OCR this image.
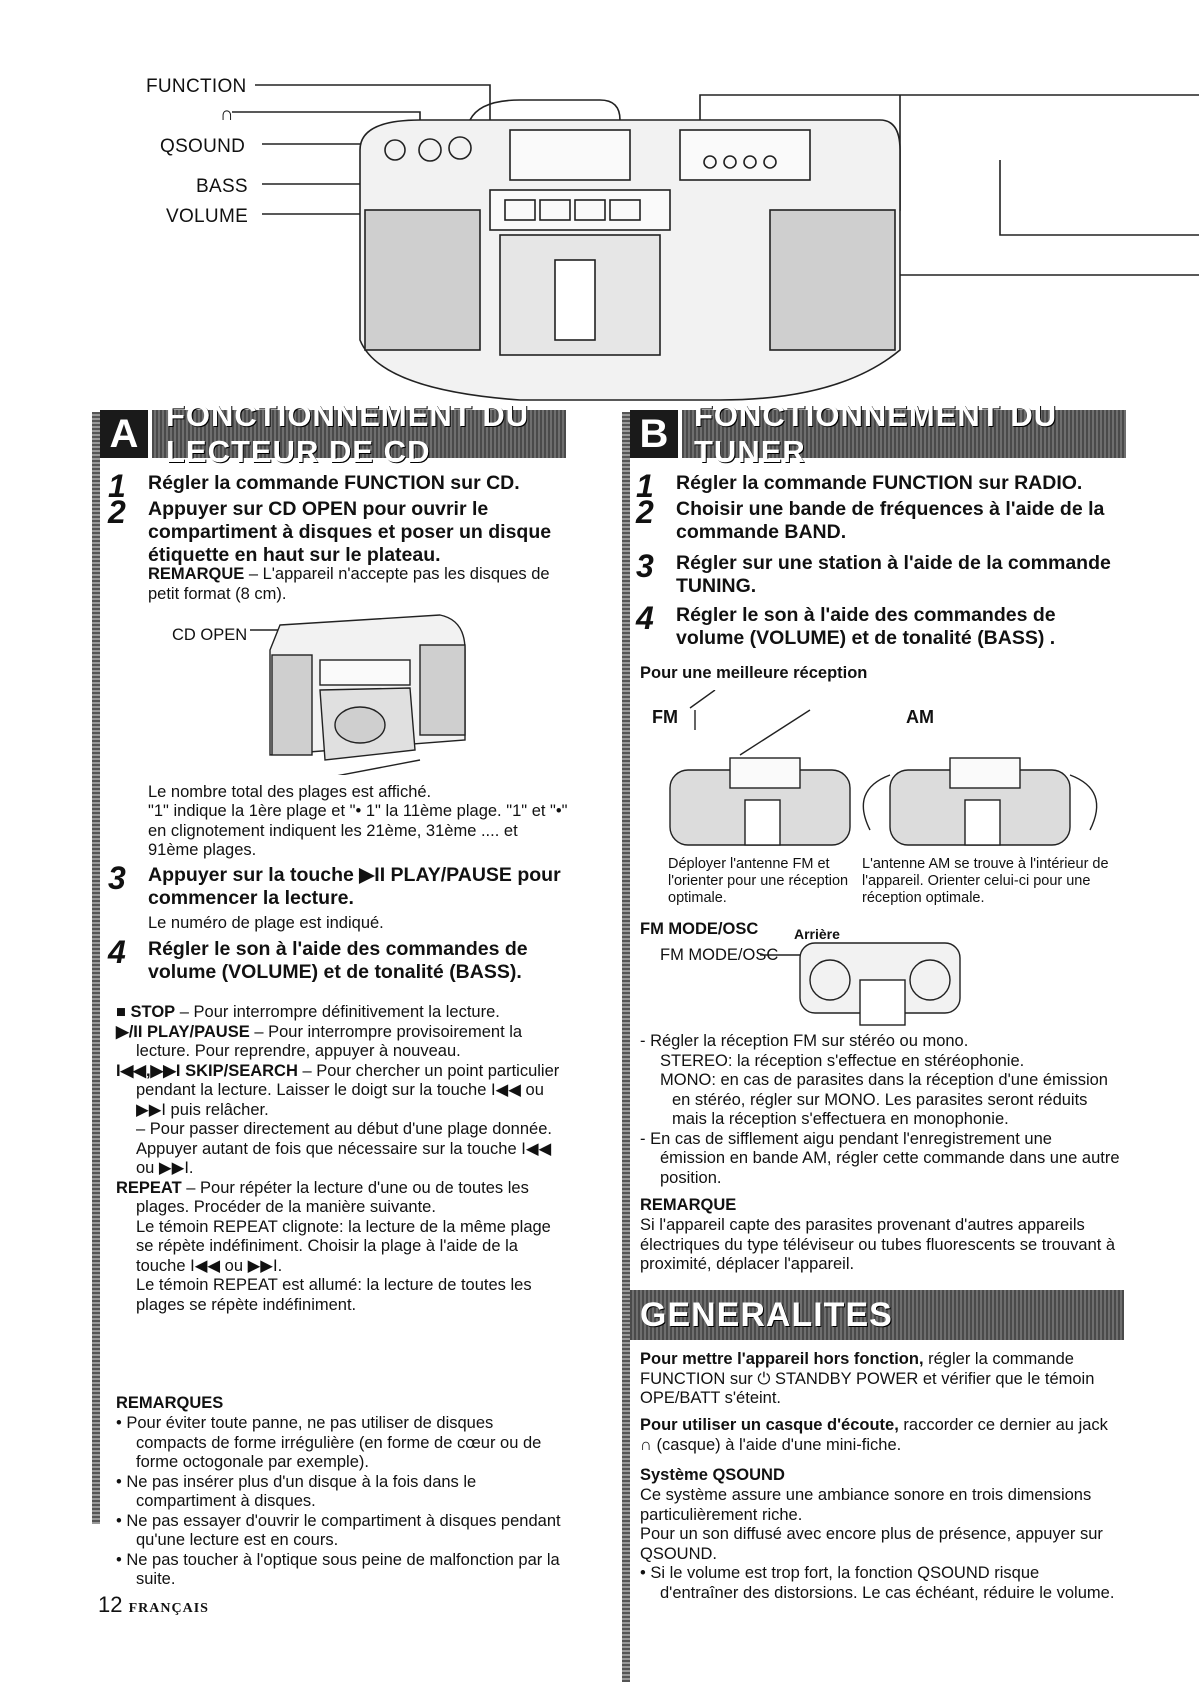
FUNCTION
∩
QSOUND
BASS
VOLUME
A FONCTIONNEMENT DU LECTEUR DE CD
1 Régler la commande FUNCTION sur CD.
2 Appuyer sur CD OPEN pour ouvrir le compartiment à disques et poser un disque étiquette en haut sur le plateau.
REMARQUE – L'appareil n'accepte pas les disques de petit format (8 cm).
CD OPEN
Le nombre total des plages est affiché.
"1" indique la 1ère plage et "• 1" la 11ème plage. "1" et "•" en clignotement indiquent les 21ème, 31ème .... et 91ème plages.
3 Appuyer sur la touche ▶II PLAY/PAUSE pour commencer la lecture.
Le numéro de plage est indiqué.
4 Régler le son à l'aide des commandes de volume (VOLUME) et de tonalité (BASS).

■ STOP – Pour interrompre définitivement la lecture.

▶/II PLAY/PAUSE – Pour interrompre provisoirement la lecture. Pour reprendre, appuyer à nouveau.

I◀◀,▶▶I SKIP/SEARCH – Pour chercher un point particulier pendant la lecture. Laisser le doigt sur la touche I◀◀ ou ▶▶I puis relâcher.

– Pour passer directement au début d'une plage donnée. Appuyer autant de fois que nécessaire sur la touche I◀◀ ou ▶▶I.

REPEAT – Pour répéter la lecture d'une ou de toutes les plages. Procéder de la manière suivante.

Le témoin REPEAT clignote: la lecture de la même plage se répète indéfiniment. Choisir la plage à l'aide de la touche I◀◀ ou ▶▶I.

Le témoin REPEAT est allumé: la lecture de toutes les plages se répète indéfiniment.

REMARQUES

• Pour éviter toute panne, ne pas utiliser de disques compacts de forme irrégulière (en forme de cœur ou de forme octogonale par exemple).

• Ne pas insérer plus d'un disque à la fois dans le compartiment à disques.

• Ne pas essayer d'ouvrir le compartiment à disques pendant qu'une lecture est en cours.

• Ne pas toucher à l'optique sous peine de malfonction par la suite.

12 FRANÇAIS
B FONCTIONNEMENT DU TUNER
1 Régler la commande FUNCTION sur RADIO.
2 Choisir une bande de fréquences à l'aide de la commande BAND.
3 Régler sur une station à l'aide de la commande TUNING.
4 Régler le son à l'aide des commandes de volume (VOLUME) et de tonalité (BASS) .
Pour une meilleure réception
FM	AM
Déployer l'antenne FM et l'orienter pour une réception optimale.
L'antenne AM se trouve à l'intérieur de l'appareil. Orienter celui-ci pour une réception optimale.
FM MODE/OSC	Arrière
FM MODE/OSC

- Régler la réception FM sur stéréo ou mono.

STEREO: la réception s'effectue en stéréophonie.

MONO: en cas de parasites dans la réception d'une émission en stéréo, régler sur MONO. Les parasites seront réduits mais la réception s'effectuera en monophonie.

- En cas de sifflement aigu pendant l'enregistrement une émission en bande AM, régler cette commande dans une autre position.

REMARQUE
Si l'appareil capte des parasites provenant d'autres appareils électriques du type téléviseur ou tubes fluorescents se trouvant à proximité, déplacer l'appareil.
GENERALITES
Pour mettre l'appareil hors fonction, régler la commande FUNCTION sur ⏻ STANDBY POWER et vérifier que le témoin OPE/BATT s'éteint.
Pour utiliser un casque d'écoute, raccorder ce dernier au jack ∩ (casque) à l'aide d'une mini-fiche.
Système QSOUND

Ce système assure une ambiance sonore en trois dimensions particulièrement riche.

Pour un son diffusé avec encore plus de présence, appuyer sur QSOUND.

• Si le volume est trop fort, la fonction QSOUND risque d'entraîner des distorsions. Le cas échéant, réduire le volume.
